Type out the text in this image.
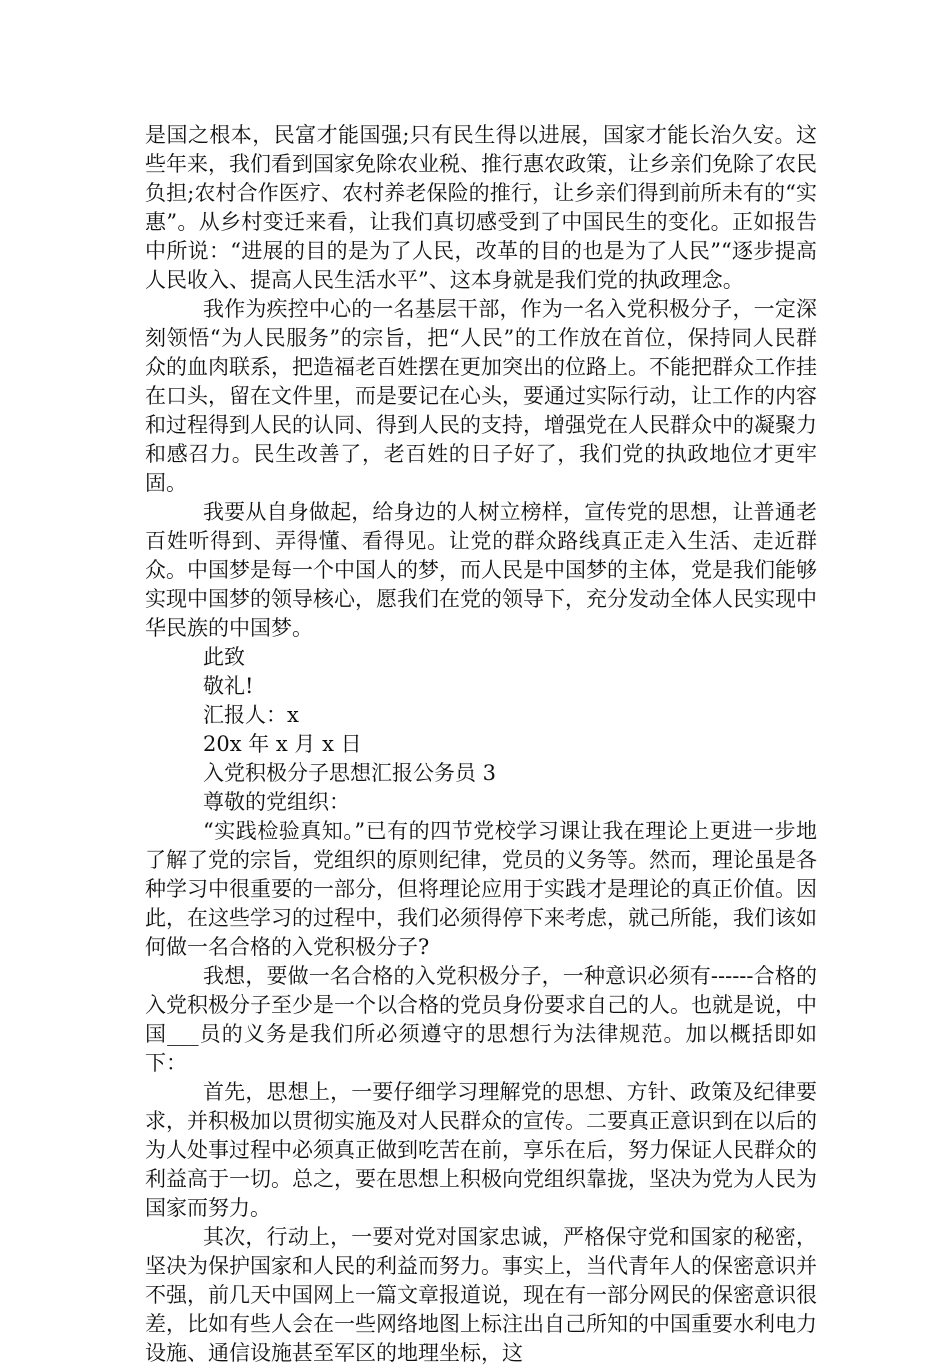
是国之根本，民富才能国强;只有民生得以进展，国家才能长治久安。这些年来，我们看到国家免除农业税、推行惠农政策，让乡亲们免除了农民负担;农村合作医疗、农村养老保险的推行，让乡亲们得到前所未有的“实惠”。从乡村变迁来看，让我们真切感受到了中国民生的变化。正如报告中所说：“进展的目的是为了人民，改革的目的也是为了人民”“逐步提高人民收入、提高人民生活水平”、这本身就是我们党的执政理念。

我作为疾控中心的一名基层干部，作为一名入党积极分子，一定深刻领悟“为人民服务”的宗旨，把“人民”的工作放在首位，保持同人民群众的血肉联系，把造福老百姓摆在更加突出的位路上。不能把群众工作挂在口头，留在文件里，而是要记在心头，要通过实际行动，让工作的内容和过程得到人民的认同、得到人民的支持，增强党在人民群众中的凝聚力和感召力。民生改善了，老百姓的日子好了，我们党的执政地位才更牢固。

我要从自身做起，给身边的人树立榜样，宣传党的思想，让普通老百姓听得到、弄得懂、看得见。让党的群众路线真正走入生活、走近群众。中国梦是每一个中国人的梦，而人民是中国梦的主体，党是我们能够实现中国梦的领导核心，愿我们在党的领导下，充分发动全体人民实现中华民族的中国梦。

此致
敬礼!
汇报人：x
20x 年 x 月 x 日
入党积极分子思想汇报公务员 3
尊敬的党组织：

“实践检验真知。”已有的四节党校学习课让我在理论上更进一步地了解了党的宗旨，党组织的原则纪律，党员的义务等。然而，理论虽是各种学习中很重要的一部分，但将理论应用于实践才是理论的真正价值。因此，在这些学习的过程中，我们必须得停下来考虑，就己所能，我们该如何做一名合格的入党积极分子?

我想，要做一名合格的入党积极分子，一种意识必须有------合格的入党积极分子至少是一个以合格的党员身份要求自己的人。也就是说，中国___员的义务是我们所必须遵守的思想行为法律规范。加以概括即如下：

首先，思想上，一要仔细学习理解党的思想、方针、政策及纪律要求，并积极加以贯彻实施及对人民群众的宣传。二要真正意识到在以后的为人处事过程中必须真正做到吃苦在前，享乐在后，努力保证人民群众的利益高于一切。总之，要在思想上积极向党组织靠拢，坚决为党为人民为国家而努力。

其次，行动上，一要对党对国家忠诚，严格保守党和国家的秘密，坚决为保护国家和人民的利益而努力。事实上，当代青年人的保密意识并不强，前几天中国网上一篇文章报道说，现在有一部分网民的保密意识很差，比如有些人会在一些网络地图上标注出自己所知的中国重要水利电力设施、通信设施甚至军区的地理坐标，这
